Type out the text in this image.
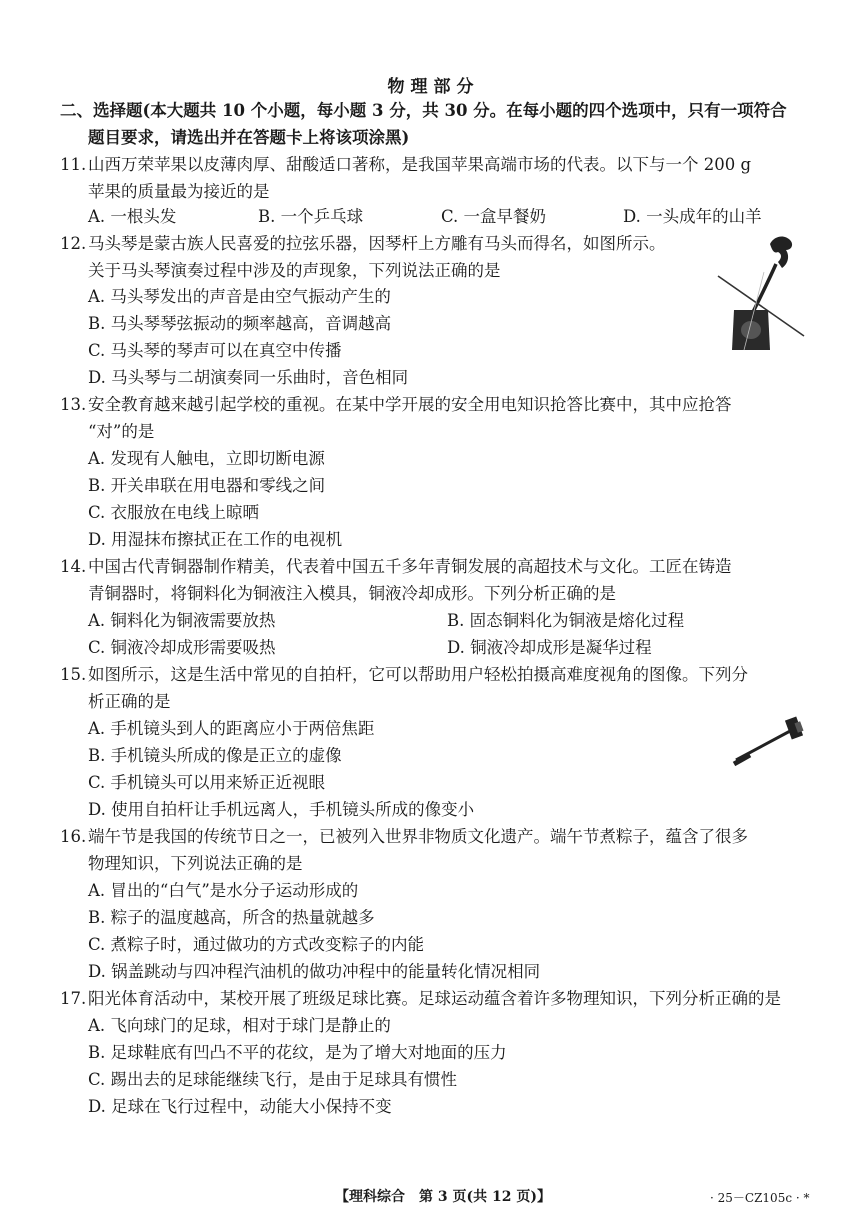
物理部分
二、选择题(本大题共 10 个小题，每小题 3 分，共 30 分。在每小题的四个选项中，只有一项符合
题目要求，请选出并在答题卡上将该项涂黑)
11. 山西万荣苹果以皮薄肉厚、甜酸适口著称，是我国苹果高端市场的代表。以下与一个 200 g
苹果的质量最为接近的是
A. 一根头发	B. 一个乒乓球	C. 一盒早餐奶	D. 一头成年的山羊
12. 马头琴是蒙古族人民喜爱的拉弦乐器，因琴杆上方雕有马头而得名，如图所示。
关于马头琴演奏过程中涉及的声现象，下列说法正确的是
A. 马头琴发出的声音是由空气振动产生的
B. 马头琴琴弦振动的频率越高，音调越高
C. 马头琴的琴声可以在真空中传播
D. 马头琴与二胡演奏同一乐曲时，音色相同
13. 安全教育越来越引起学校的重视。在某中学开展的安全用电知识抢答比赛中，其中应抢答
“对”的是
A. 发现有人触电，立即切断电源
B. 开关串联在用电器和零线之间
C. 衣服放在电线上晾晒
D. 用湿抹布擦拭正在工作的电视机
14. 中国古代青铜器制作精美，代表着中国五千多年青铜发展的高超技术与文化。工匠在铸造
青铜器时，将铜料化为铜液注入模具，铜液冷却成形。下列分析正确的是
A. 铜料化为铜液需要放热	B. 固态铜料化为铜液是熔化过程
C. 铜液冷却成形需要吸热	D. 铜液冷却成形是凝华过程
15. 如图所示，这是生活中常见的自拍杆，它可以帮助用户轻松拍摄高难度视角的图像。下列分
析正确的是
A. 手机镜头到人的距离应小于两倍焦距
B. 手机镜头所成的像是正立的虚像
C. 手机镜头可以用来矫正近视眼
D. 使用自拍杆让手机远离人，手机镜头所成的像变小
16. 端午节是我国的传统节日之一，已被列入世界非物质文化遗产。端午节煮粽子，蕴含了很多
物理知识，下列说法正确的是
A. 冒出的“白气”是水分子运动形成的
B. 粽子的温度越高，所含的热量就越多
C. 煮粽子时，通过做功的方式改变粽子的内能
D. 锅盖跳动与四冲程汽油机的做功冲程中的能量转化情况相同
17. 阳光体育活动中，某校开展了班级足球比赛。足球运动蕴含着许多物理知识，下列分析正确的是
A. 飞向球门的足球，相对于球门是静止的
B. 足球鞋底有凹凸不平的花纹，是为了增大对地面的压力
C. 踢出去的足球能继续飞行，是由于足球具有惯性
D. 足球在飞行过程中，动能大小保持不变
【理科综合　第 3 页(共 12 页)】	· 25－CZ105c · *
